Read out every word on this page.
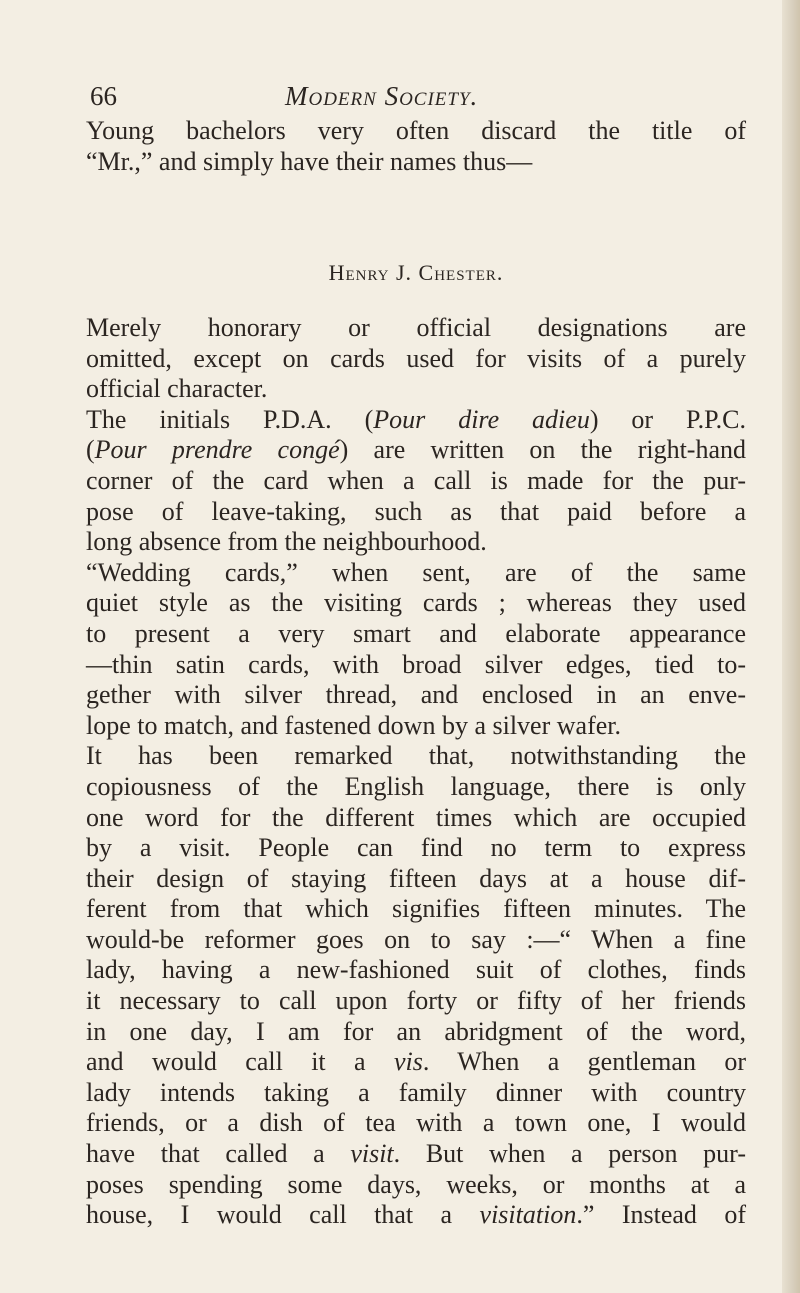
66	Modern Society.
Young bachelors very often discard the title of
“Mr.,” and simply have their names thus—
Henry J. Chester.
Merely honorary or official designations are
omitted, except on cards used for visits of a purely
official character.
The initials P.D.A. (Pour dire adieu) or P.P.C.
(Pour prendre congé) are written on the right-hand
corner of the card when a call is made for the pur-
pose of leave-taking, such as that paid before a
long absence from the neighbourhood.
“Wedding cards,” when sent, are of the same
quiet style as the visiting cards ; whereas they used
to present a very smart and elaborate appearance
—thin satin cards, with broad silver edges, tied to-
gether with silver thread, and enclosed in an enve-
lope to match, and fastened down by a silver wafer.
It has been remarked that, notwithstanding the
copiousness of the English language, there is only
one word for the different times which are occupied
by a visit. People can find no term to express
their design of staying fifteen days at a house dif-
ferent from that which signifies fifteen minutes. The
would-be reformer goes on to say :—“ When a fine
lady, having a new-fashioned suit of clothes, finds
it necessary to call upon forty or fifty of her friends
in one day, I am for an abridgment of the word,
and would call it a vis. When a gentleman or
lady intends taking a family dinner with country
friends, or a dish of tea with a town one, I would
have that called a visit. But when a person pur-
poses spending some days, weeks, or months at a
house, I would call that a visitation.” Instead of
